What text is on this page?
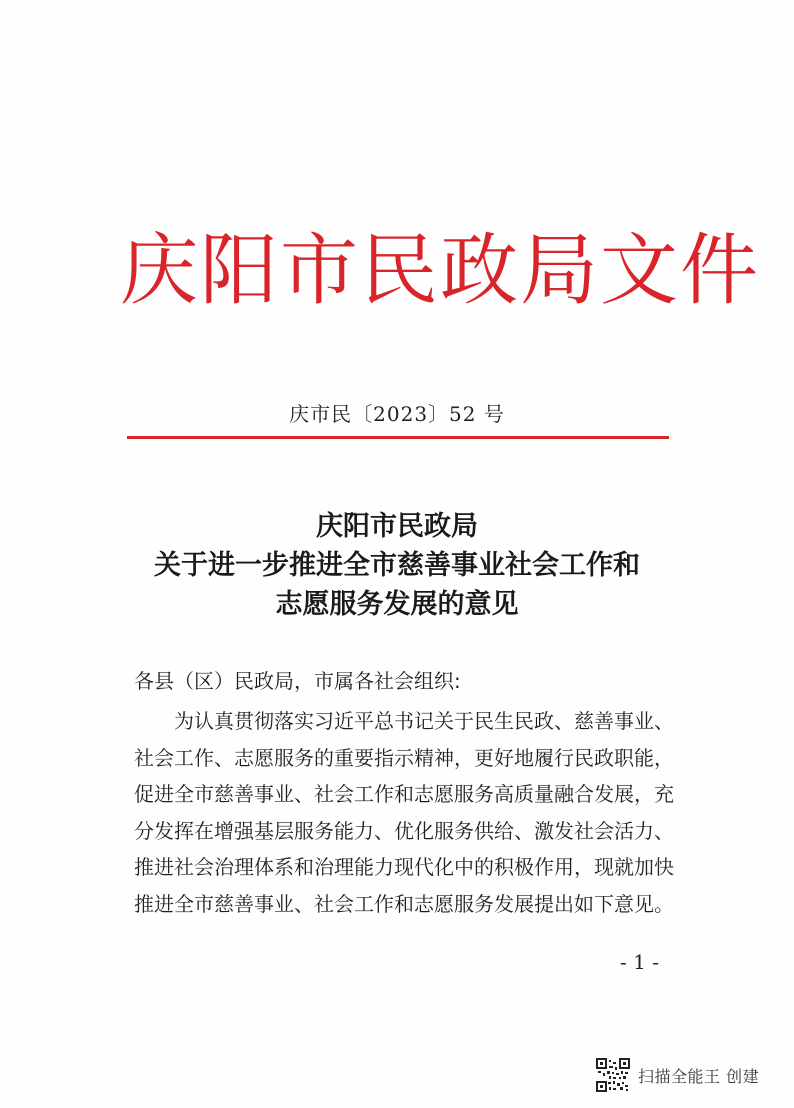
庆阳市民政局文件
庆市民〔2023〕52 号
庆阳市民政局
关于进一步推进全市慈善事业社会工作和
志愿服务发展的意见
各县（区）民政局，市属各社会组织:
为认真贯彻落实习近平总书记关于民生民政、慈善事业、
社会工作、志愿服务的重要指示精神，更好地履行民政职能，
促进全市慈善事业、社会工作和志愿服务高质量融合发展，充
分发挥在增强基层服务能力、优化服务供给、激发社会活力、
推进社会治理体系和治理能力现代化中的积极作用，现就加快
推进全市慈善事业、社会工作和志愿服务发展提出如下意见。
- 1 -
扫描全能王 创建
